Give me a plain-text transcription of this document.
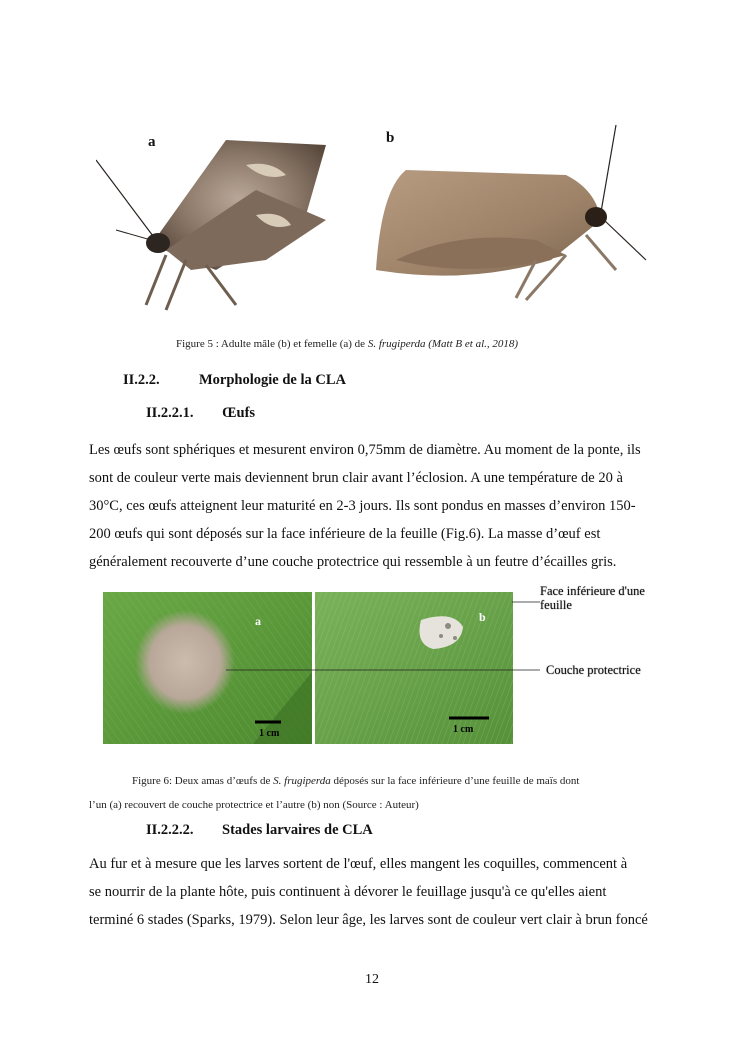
a	b
Figure 5 : Adulte mâle (b) et femelle (a) de S. frugiperda (Matt B et al., 2018)
II.2.2.	Morphologie de la CLA
II.2.2.1. Œufs
Les œufs sont sphériques et mesurent environ 0,75mm de diamètre. Au moment de la ponte, ils
sont de couleur verte mais deviennent brun clair avant l’éclosion. A une température de 20 à
30°C, ces œufs atteignent leur maturité en 2-3 jours. Ils sont pondus en masses d’environ 150-
200 œufs qui sont déposés sur la face inférieure de la feuille (Fig.6). La masse d’œuf est
généralement recouverte d’une couche protectrice qui ressemble à un feutre d’écailles gris.
a	b
1 cm	1 cm
Face inférieure d'une feuille
Couche protectrice
Figure 6: Deux amas d’œufs de S. frugiperda déposés sur la face inférieure d’une feuille de maïs dont
l’un (a) recouvert de couche protectrice et l’autre (b) non (Source : Auteur)
II.2.2.2. Stades larvaires de CLA
Au fur et à mesure que les larves sortent de l'œuf, elles mangent les coquilles, commencent à
se nourrir de la plante hôte, puis continuent à dévorer le feuillage jusqu'à ce qu'elles aient
terminé 6 stades (Sparks, 1979). Selon leur âge, les larves sont de couleur vert clair à brun foncé
12
